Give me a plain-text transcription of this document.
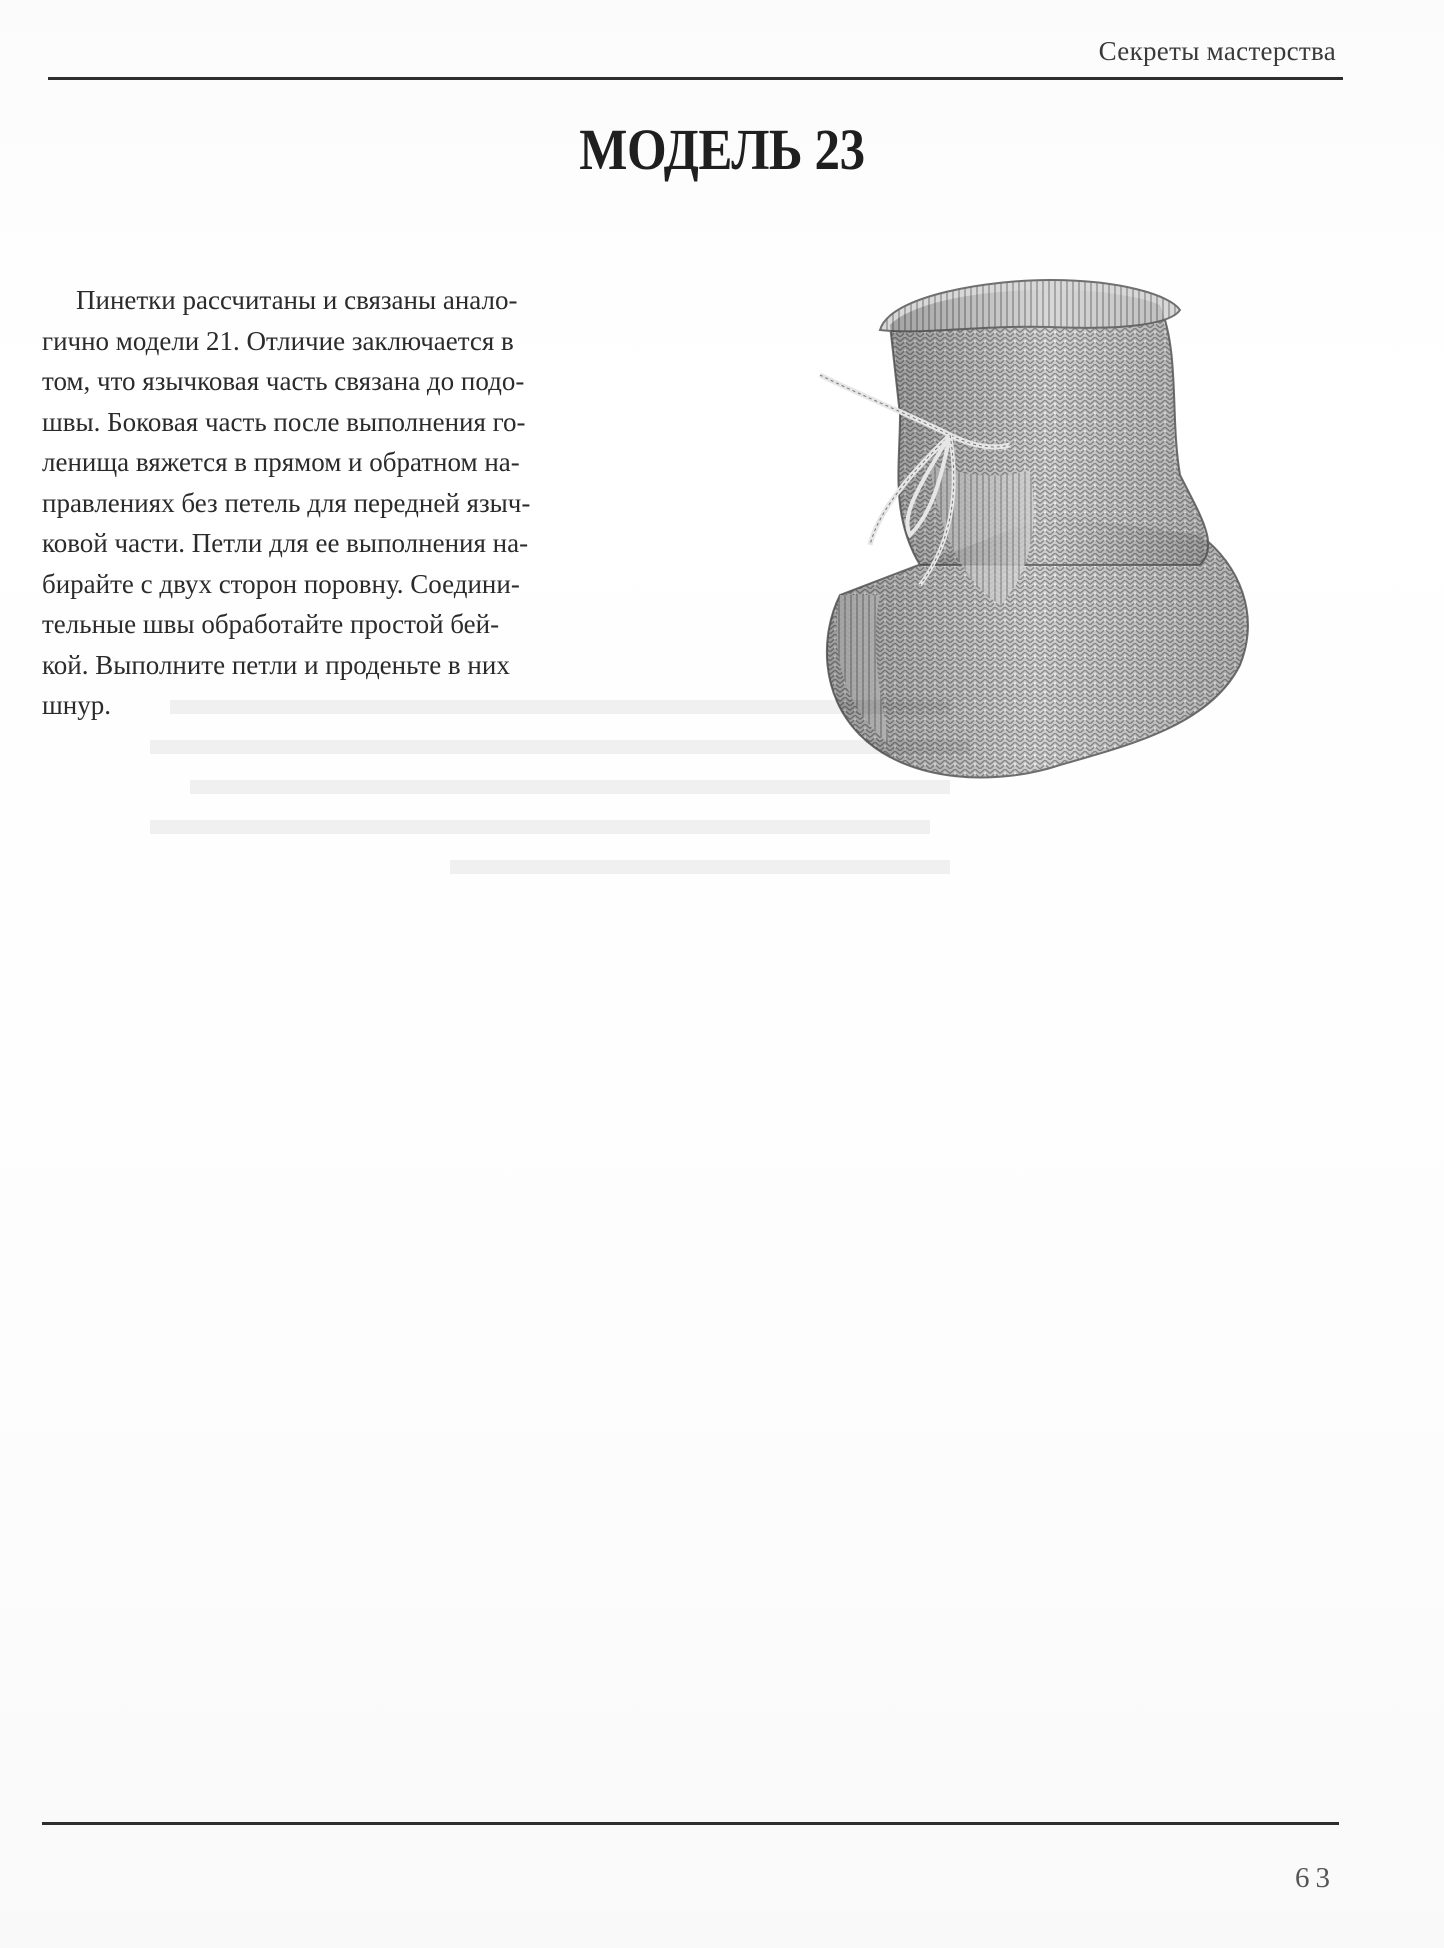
Секреты мастерства
МОДЕЛЬ 23
Пинетки рассчитаны и связаны анало-
гично модели 21. Отличие заключается в
том, что язычковая часть связана до подо-
швы. Боковая часть после выполнения го-
ленища вяжется в прямом и обратном на-
правлениях без петель для передней языч-
ковой части. Петли для ее выполнения на-
бирайте с двух сторон поровну. Соедини-
тельные швы обработайте простой бей-
кой. Выполните петли и проденьте в них
шнур.
63
